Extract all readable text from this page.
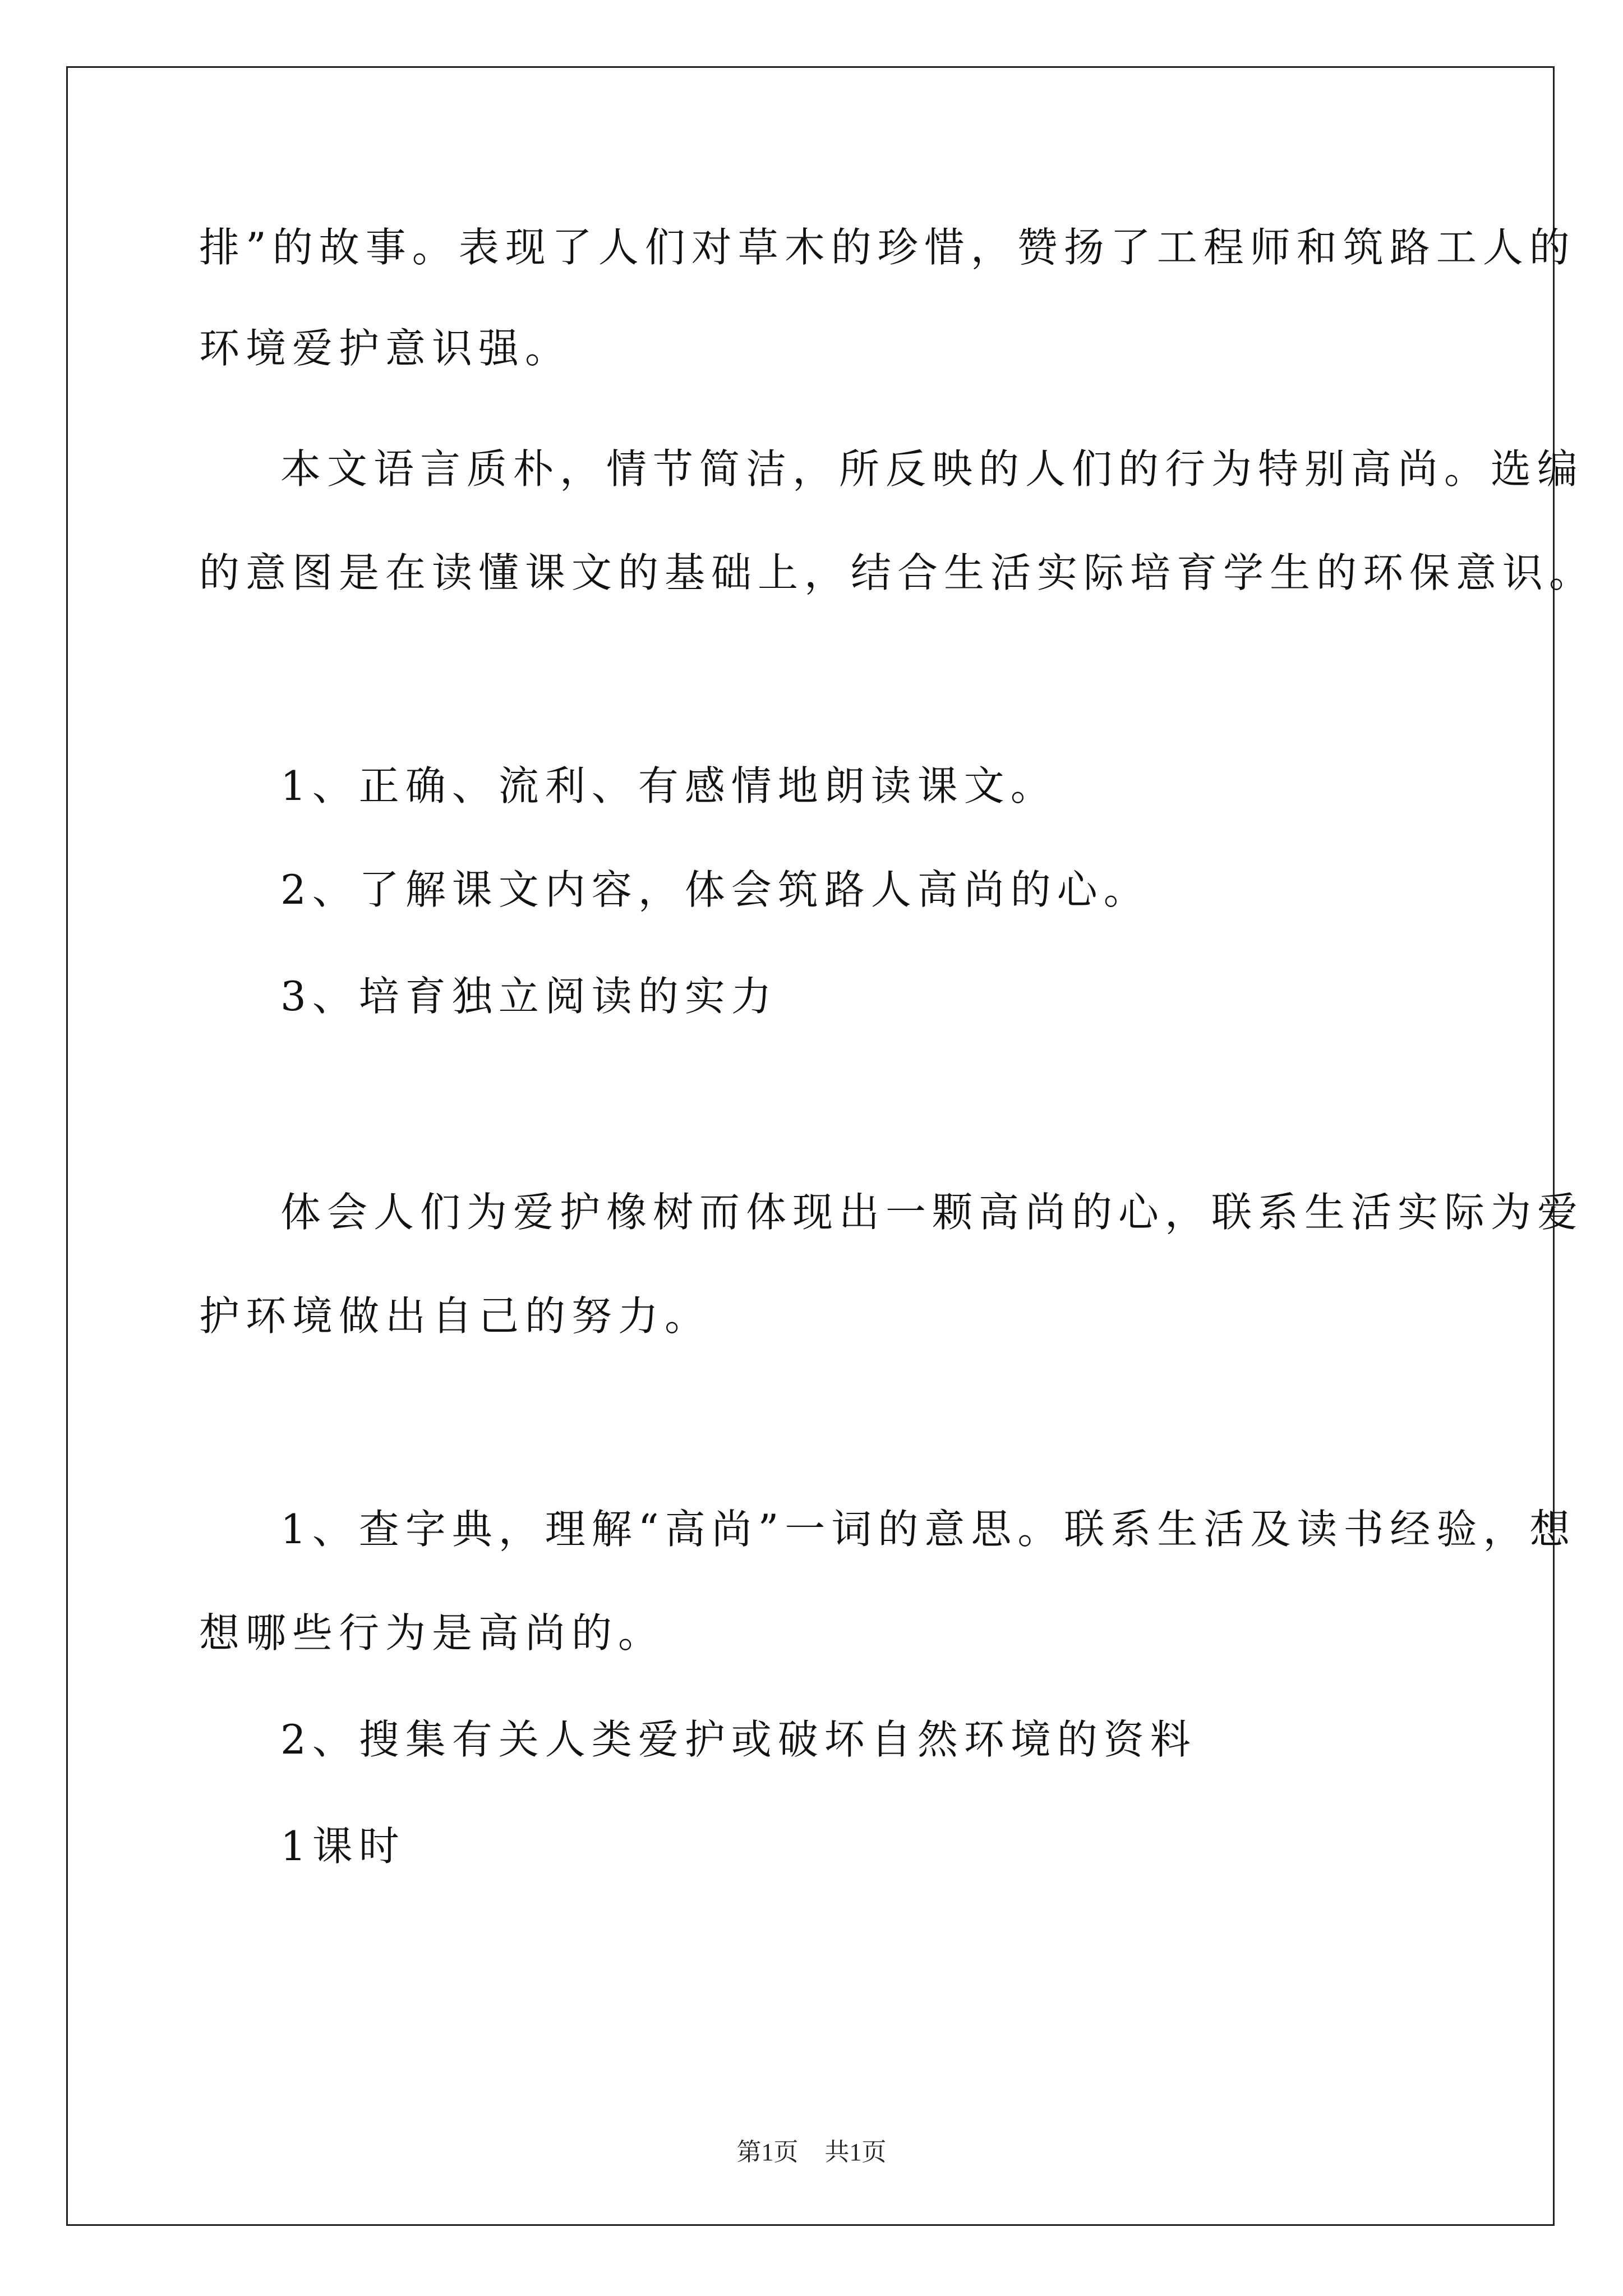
排”的故事。表现了人们对草木的珍惜，赞扬了工程师和筑路工人的
环境爱护意识强。
本文语言质朴，情节简洁，所反映的人们的行为特别高尚。选编
的意图是在读懂课文的基础上，结合生活实际培育学生的环保意识。
1、正确、流利、有感情地朗读课文。
2、了解课文内容，体会筑路人高尚的心。
3、培育独立阅读的实力
体会人们为爱护橡树而体现出一颗高尚的心，联系生活实际为爱
护环境做出自己的努力。
1、查字典，理解“高尚”一词的意思。联系生活及读书经验，想
想哪些行为是高尚的。
2、搜集有关人类爱护或破坏自然环境的资料
1课时
第1页 共1页
